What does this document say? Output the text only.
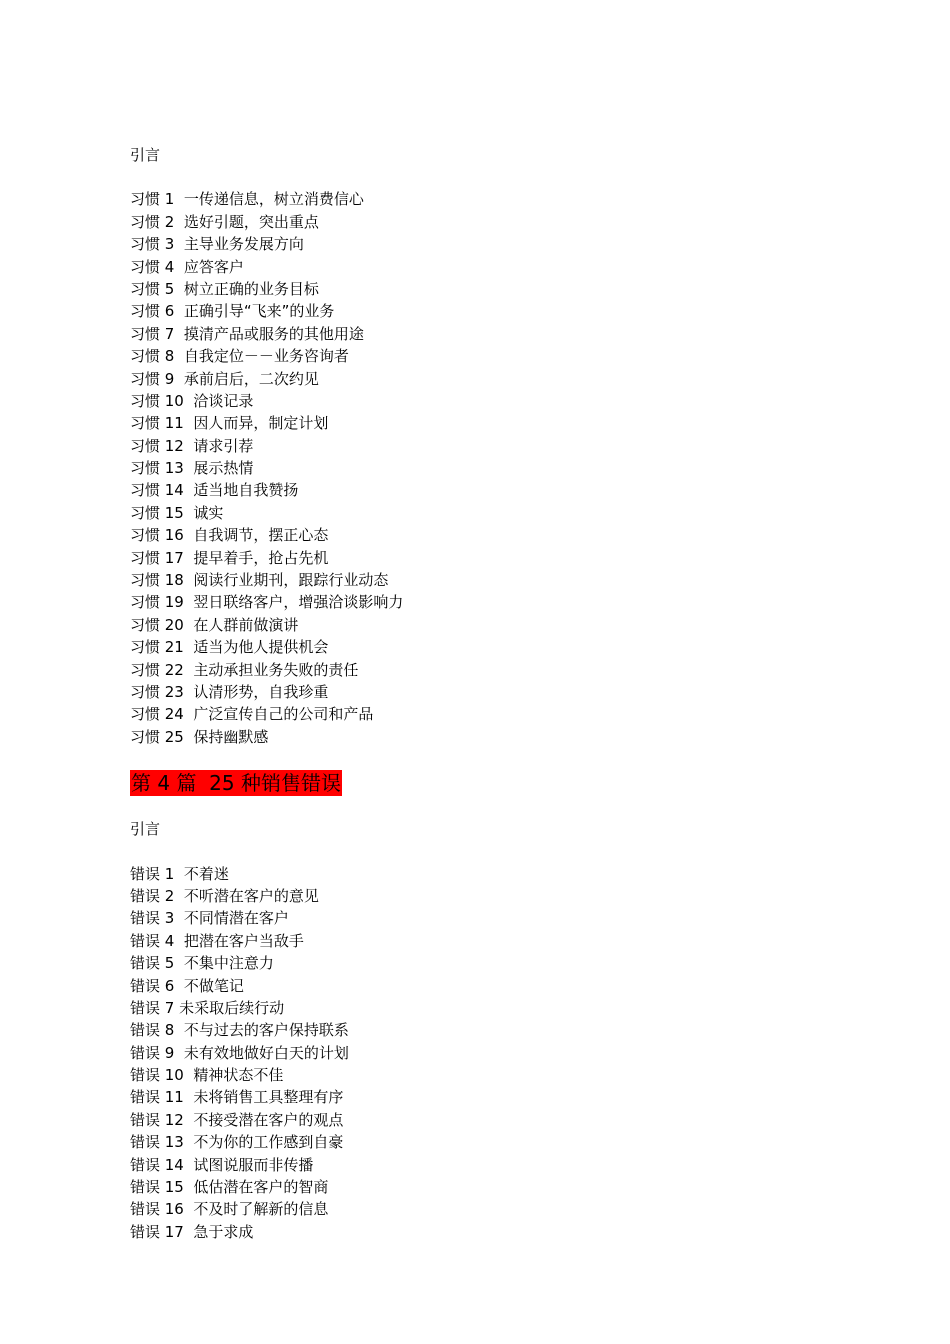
引言
习惯 1  一传递信息，树立消费信心
习惯 2  选好引题，突出重点
习惯 3  主导业务发展方向
习惯 4  应答客户
习惯 5  树立正确的业务目标
习惯 6  正确引导“飞来”的业务
习惯 7  摸清产品或服务的其他用途
习惯 8  自我定位－－业务咨询者
习惯 9  承前启后，二次约见
习惯 10  洽谈记录
习惯 11  因人而异，制定计划
习惯 12  请求引荐
习惯 13  展示热情
习惯 14  适当地自我赞扬
习惯 15  诚实
习惯 16  自我调节，摆正心态
习惯 17  提早着手，抢占先机
习惯 18  阅读行业期刊，跟踪行业动态
习惯 19  翌日联络客户，增强洽谈影响力
习惯 20  在人群前做演讲
习惯 21  适当为他人提供机会
习惯 22  主动承担业务失败的责任
习惯 23  认清形势，自我珍重
习惯 24  广泛宣传自己的公司和产品
习惯 25  保持幽默感
第 4 篇  25 种销售错误
引言
错误 1  不着迷
错误 2  不听潜在客户的意见
错误 3  不同情潜在客户
错误 4  把潜在客户当敌手
错误 5  不集中注意力
错误 6  不做笔记
错误 7 未采取后续行动
错误 8  不与过去的客户保持联系
错误 9  未有效地做好白天的计划
错误 10  精神状态不佳
错误 11  未将销售工具整理有序
错误 12  不接受潜在客户的观点
错误 13  不为你的工作感到自豪
错误 14  试图说服而非传播
错误 15  低估潜在客户的智商
错误 16  不及时了解新的信息
错误 17  急于求成
